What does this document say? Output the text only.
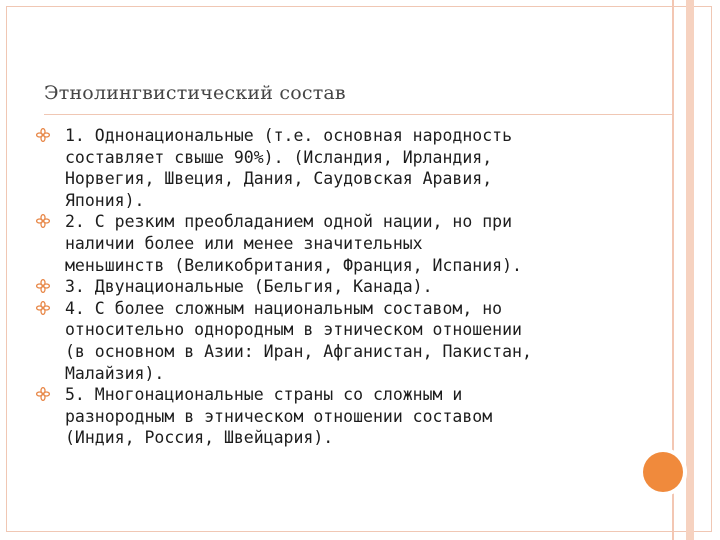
Этнолингвистический состав
1. Однонациональные (т.е. основная народность
составляет свыше 90%). (Исландия, Ирландия,
Норвегия, Швеция, Дания, Саудовская Аравия,
Япония).
2. С резким преобладанием одной нации, но при
наличии более или менее значительных
меньшинств (Великобритания, Франция, Испания).
3. Двунациональные (Бельгия, Канада).
4. С более сложным национальным составом, но
относительно однородным в этническом отношении
(в основном в Азии: Иран, Афганистан, Пакистан,
Малайзия).
5. Многонациональные страны со сложным и
разнородным в этническом отношении составом
(Индия, Россия, Швейцария).
